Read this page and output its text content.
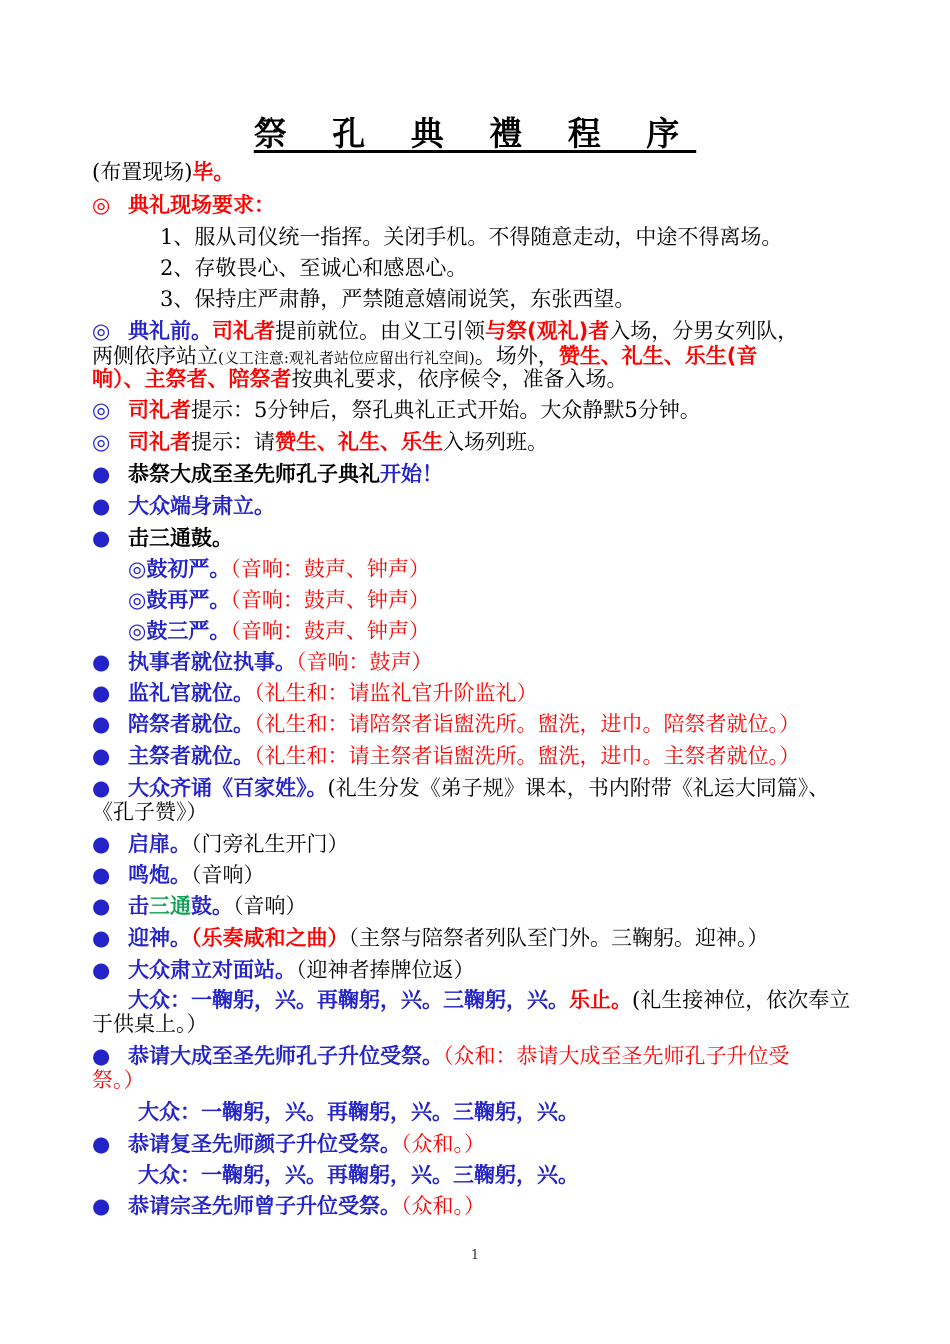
祭 孔 典 禮 程 序
(布置现场)毕。
◎ 典礼现场要求：
1、服从司仪统一指挥。关闭手机。不得随意走动，中途不得离场。
2、存敬畏心、至诚心和感恩心。
3、保持庄严肃静，严禁随意嬉闹说笑，东张西望。
◎ 典礼前。司礼者提前就位。由义工引领与祭(观礼)者入场，分男女列队，
两侧依序站立(义工注意:观礼者站位应留出行礼空间)。场外，赞生、礼生、乐生(音
响）、主祭者、陪祭者按典礼要求，依序候令，准备入场。
◎ 司礼者提示：5分钟后，祭孔典礼正式开始。大众静默5分钟。
◎ 司礼者提示：请赞生、礼生、乐生入场列班。
● 恭祭大成至圣先师孔子典礼开始！
● 大众端身肃立。
● 击三通鼓。
◎鼓初严。（音响：鼓声、钟声）
◎鼓再严。（音响：鼓声、钟声）
◎鼓三严。（音响：鼓声、钟声）
● 执事者就位执事。（音响：鼓声）
● 监礼官就位。（礼生和：请监礼官升阶监礼）
● 陪祭者就位。（礼生和：请陪祭者诣盥洗所。盥洗，进巾。陪祭者就位。）
● 主祭者就位。（礼生和：请主祭者诣盥洗所。盥洗，进巾。主祭者就位。）
● 大众齐诵《百家姓》。(礼生分发《弟子规》课本，书内附带《礼运大同篇》、
《孔子赞》）
● 启扉。（门旁礼生开门）
● 鸣炮。（音响）
● 击三通鼓。（音响）
● 迎神。（乐奏咸和之曲）（主祭与陪祭者列队至门外。三鞠躬。迎神。）
● 大众肃立对面站。（迎神者捧牌位返）
大众：一鞠躬，兴。再鞠躬，兴。三鞠躬，兴。乐止。(礼生接神位，依次奉立
于供桌上。）
● 恭请大成至圣先师孔子升位受祭。（众和：恭请大成至圣先师孔子升位受
祭。）
大众：一鞠躬，兴。再鞠躬，兴。三鞠躬，兴。
● 恭请复圣先师颜子升位受祭。（众和。）
大众：一鞠躬，兴。再鞠躬，兴。三鞠躬，兴。
● 恭请宗圣先师曾子升位受祭。（众和。）
1
